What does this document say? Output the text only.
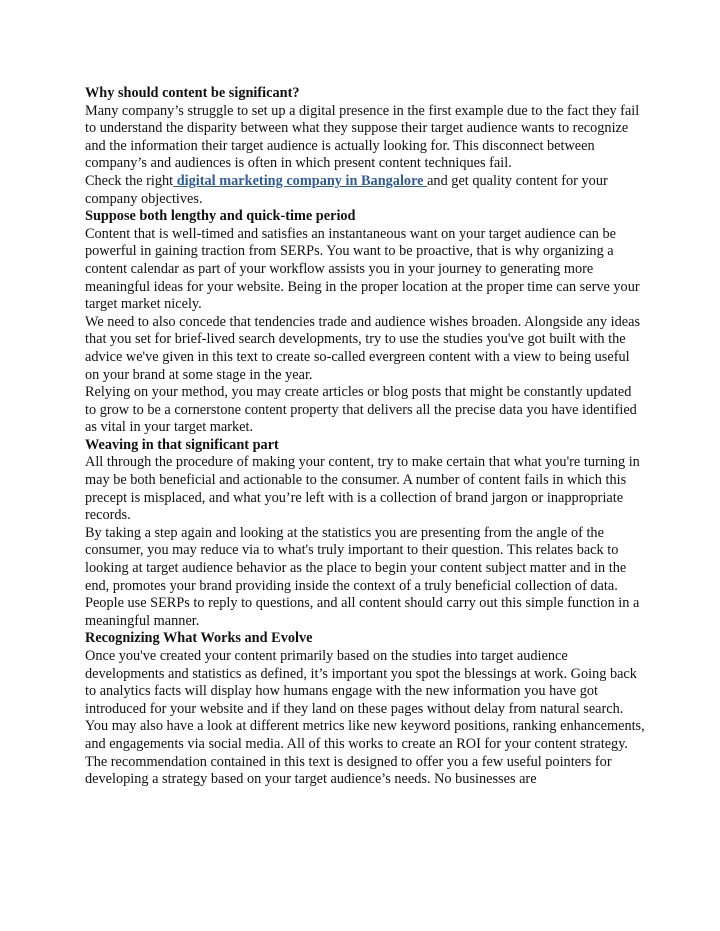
Why should content be significant?

Many company’s struggle to set up a digital presence in the first example due to the fact they fail to understand the disparity between what they suppose their target audience wants to recognize and the information their target audience is actually looking for. This disconnect between company’s and audiences is often in which present content techniques fail.

Check the right digital marketing company in Bangalore and get quality content for your company objectives.

Suppose both lengthy and quick-time period

Content that is well-timed and satisfies an instantaneous want on your target audience can be powerful in gaining traction from SERPs. You want to be proactive, that is why organizing a content calendar as part of your workflow assists you in your journey to generating more meaningful ideas for your website. Being in the proper location at the proper time can serve your target market nicely.

We need to also concede that tendencies trade and audience wishes broaden. Alongside any ideas that you set for brief-lived search developments, try to use the studies you've got built with the advice we've given in this text to create so-called evergreen content with a view to being useful on your brand at some stage in the year.

Relying on your method, you may create articles or blog posts that might be constantly updated to grow to be a cornerstone content property that delivers all the precise data you have identified as vital in your target market.

Weaving in that significant part

All through the procedure of making your content, try to make certain that what you're turning in may be both beneficial and actionable to the consumer. A number of content fails in which this precept is misplaced, and what you’re left with is a collection of brand jargon or inappropriate records.

By taking a step again and looking at the statistics you are presenting from the angle of the consumer, you may reduce via to what's truly important to their question. This relates back to looking at target audience behavior as the place to begin your content subject matter and in the end, promotes your brand providing inside the context of a truly beneficial collection of data. People use SERPs to reply to questions, and all content should carry out this simple function in a meaningful manner.

Recognizing What Works and Evolve

Once you've created your content primarily based on the studies into target audience developments and statistics as defined, it’s important you spot the blessings at work. Going back to analytics facts will display how humans engage with the new information you have got introduced for your website and if they land on these pages without delay from natural search. You may also have a look at different metrics like new keyword positions, ranking enhancements, and engagements via social media. All of this works to create an ROI for your content strategy.

The recommendation contained in this text is designed to offer you a few useful pointers for developing a strategy based on your target audience’s needs. No businesses are
